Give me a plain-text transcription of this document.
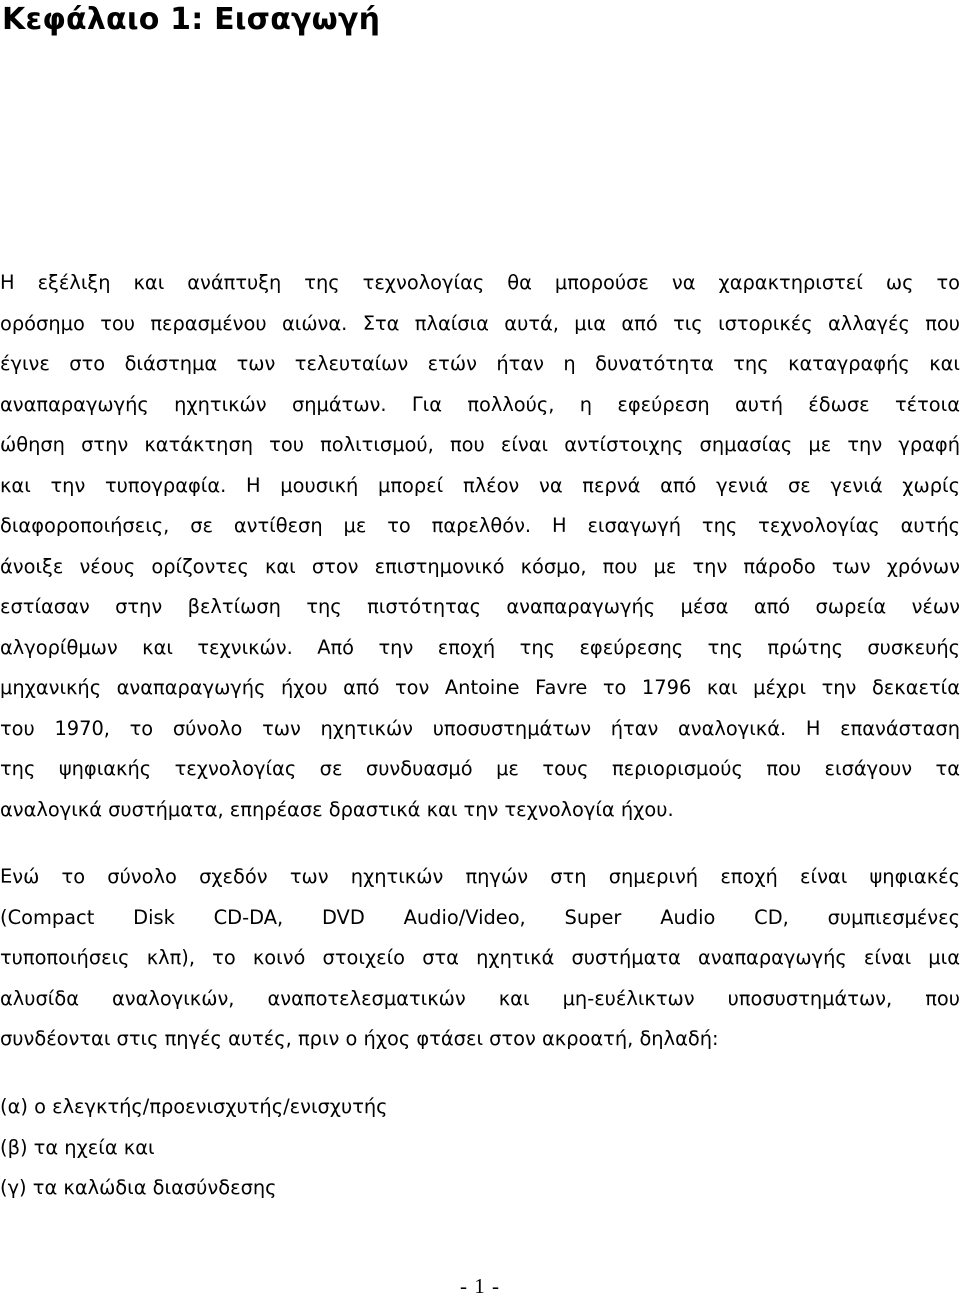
Κεφάλαιο 1: Εισαγωγή
Η εξέλιξη και ανάπτυξη της τεχνολογίας θα μπορούσε να χαρακτηριστεί ως το
ορόσημο του περασμένου αιώνα. Στα πλαίσια αυτά, μια από τις ιστορικές αλλαγές που
έγινε στο διάστημα των τελευταίων ετών ήταν η δυνατότητα της καταγραφής και
αναπαραγωγής ηχητικών σημάτων. Για πολλούς, η εφεύρεση αυτή έδωσε τέτοια
ώθηση στην κατάκτηση του πολιτισμού, που είναι αντίστοιχης σημασίας με την γραφή
και την τυπογραφία. Η μουσική μπορεί πλέον να περνά από γενιά σε γενιά χωρίς
διαφοροποιήσεις, σε αντίθεση με το παρελθόν. Η εισαγωγή της τεχνολογίας αυτής
άνοιξε νέους ορίζοντες και στον επιστημονικό κόσμο, που με την πάροδο των χρόνων
εστίασαν στην βελτίωση της πιστότητας αναπαραγωγής μέσα από σωρεία νέων
αλγορίθμων και τεχνικών. Από την εποχή της εφεύρεσης της πρώτης συσκευής
μηχανικής αναπαραγωγής ήχου από τον Antoine Favre το 1796 και μέχρι την δεκαετία
του 1970, το σύνολο των ηχητικών υποσυστημάτων ήταν αναλογικά. Η επανάσταση
της ψηφιακής τεχνολογίας σε συνδυασμό με τους περιορισμούς που εισάγουν τα
αναλογικά συστήματα, επηρέασε δραστικά και την τεχνολογία ήχου.
Ενώ το σύνολο σχεδόν των ηχητικών πηγών στη σημερινή εποχή είναι ψηφιακές
(Compact Disk CD-DA, DVD Audio/Video, Super Audio CD, συμπιεσμένες
τυποποιήσεις κλπ), το κοινό στοιχείο στα ηχητικά συστήματα αναπαραγωγής είναι μια
αλυσίδα αναλογικών, αναποτελεσματικών και μη-ευέλικτων υποσυστημάτων, που
συνδέονται στις πηγές αυτές, πριν ο ήχος φτάσει στον ακροατή, δηλαδή:
(α) ο ελεγκτής/προενισχυτής/ενισχυτής
(β) τα ηχεία και
(γ) τα καλώδια διασύνδεσης
- 1 -
